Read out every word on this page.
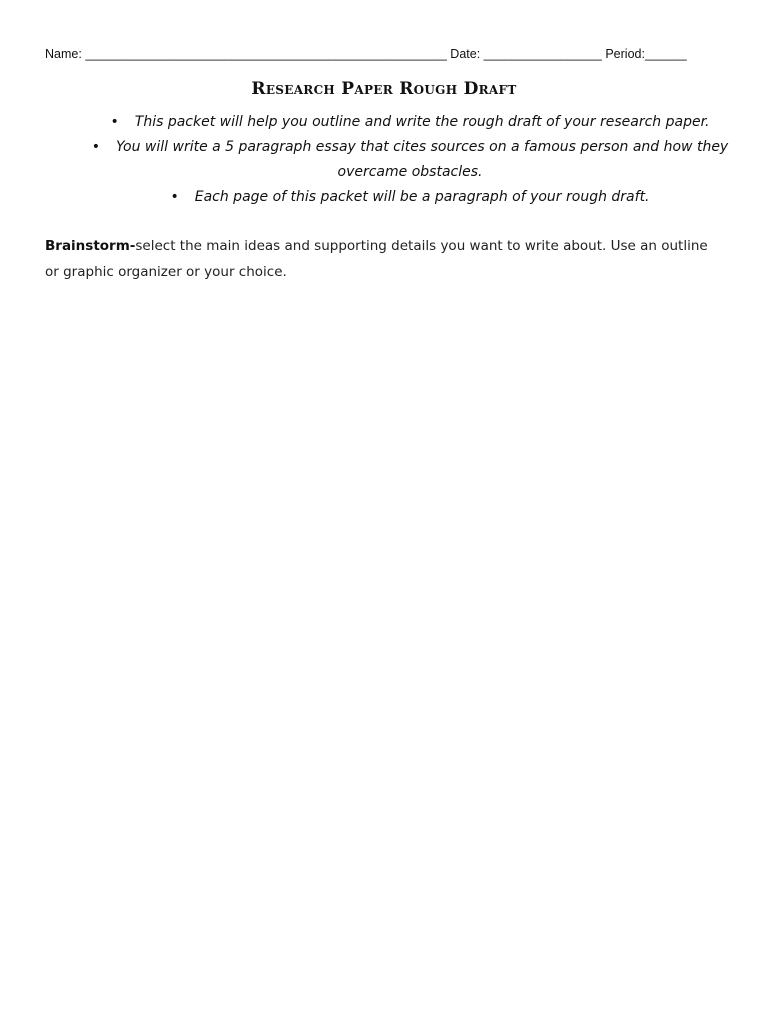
Name: ____________________________________________________ Date: _________________ Period:______
Research Paper Rough Draft
• This packet will help you outline and write the rough draft of your research paper.
• You will write a 5 paragraph essay that cites sources on a famous person and how they overcame obstacles.
• Each page of this packet will be a paragraph of your rough draft.
Brainstorm-select the main ideas and supporting details you want to write about. Use an outline or graphic organizer or your choice.
